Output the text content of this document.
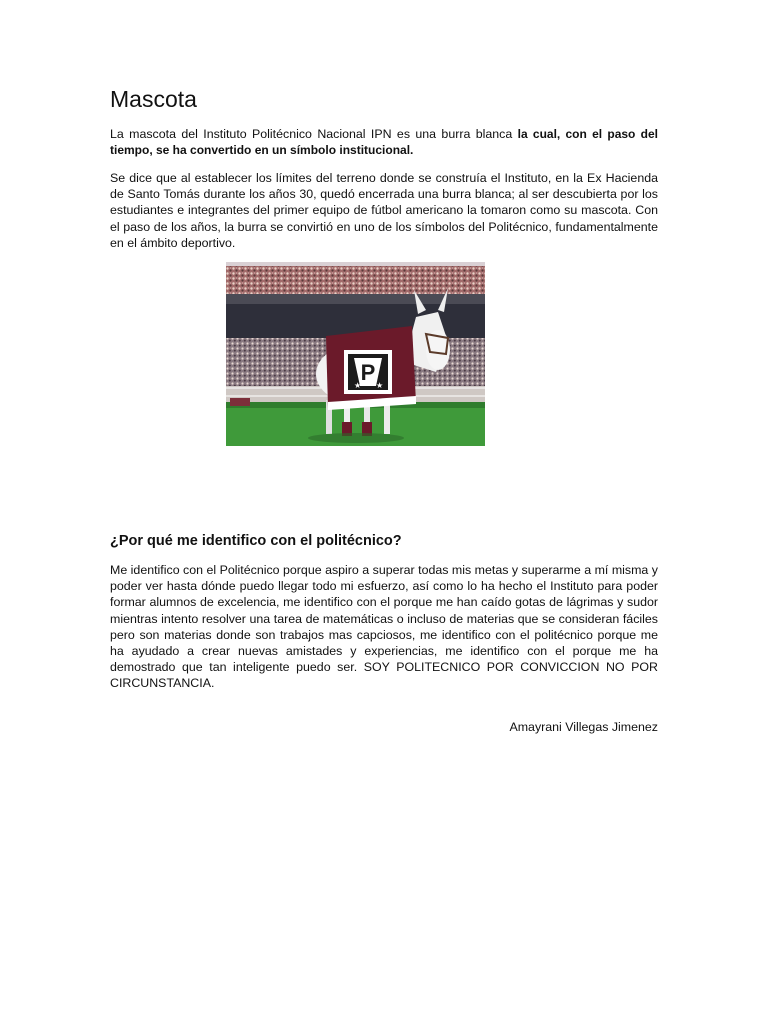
Mascota

La mascota del Instituto Politécnico Nacional IPN es una burra blanca la cual, con el paso del tiempo, se ha convertido en un símbolo institucional.

Se dice que al establecer los límites del terreno donde se construía el Instituto, en la Ex Hacienda de Santo Tomás durante los años 30, quedó encerrada una burra blanca; al ser descubierta por los estudiantes e integrantes del primer equipo de fútbol americano la tomaron como su mascota. Con el paso de los años, la burra se convirtió en uno de los símbolos del Politécnico, fundamentalmente en el ámbito deportivo.

P
★ ★
¿Por qué me identifico con el politécnico?

Me identifico con el Politécnico porque aspiro a superar todas mis metas y superarme a mí misma y poder ver hasta dónde puedo llegar todo mi esfuerzo, así como lo ha hecho el Instituto para poder formar alumnos de excelencia, me identifico con el porque me han caído gotas de lágrimas y sudor mientras intento resolver una tarea de matemáticas o incluso de materias que se consideran fáciles pero son materias donde son trabajos mas capciosos, me identifico con el politécnico porque me ha ayudado a crear nuevas amistades y experiencias, me identifico con el porque me ha demostrado que tan inteligente puedo ser. SOY POLITECNICO POR CONVICCION NO POR CIRCUNSTANCIA.

Amayrani Villegas Jimenez
